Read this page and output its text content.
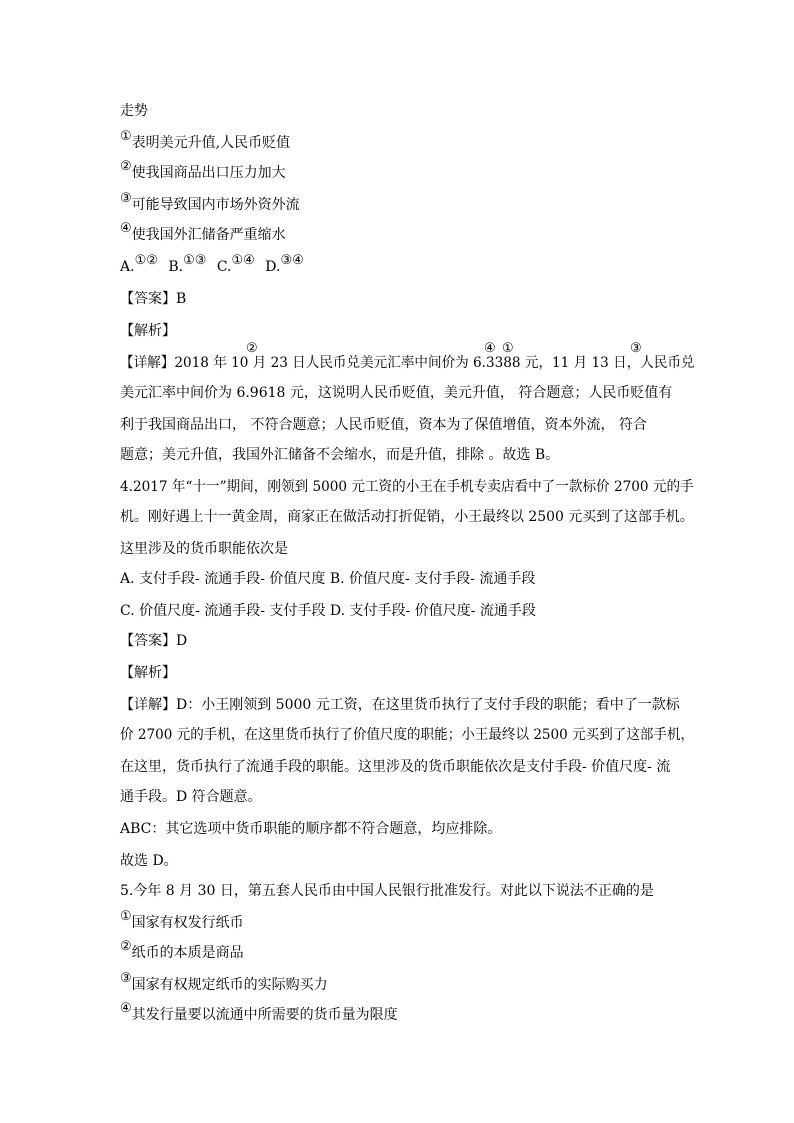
走势
①表明美元升值,人民币贬值
②使我国商品出口压力加大
③可能导致国内市场外资外流
④使我国外汇储备严重缩水
A.①② B.①③ C.①④ D.③④
【答案】B
【解析】
【详解】2018 年 10 月 23 日人民币兑美元汇率中间价为 6.3388 元，11 月 13 日，人民币兑
美元汇率中间价为 6.9618 元，这说明人民币贬值，美元升值， 符合题意；人民币贬值有
利于我国商品出口， 不符合题意；人民币贬值，资本为了保值增值，资本外流， 符合
题意；美元升值，我国外汇储备不会缩水，而是升值，排除 。故选 B。
②	④ ①	③
4.2017 年“十一”期间，刚领到 5000 元工资的小王在手机专卖店看中了一款标价 2700 元的手
机。刚好遇上十一黄金周，商家正在做活动打折促销，小王最终以 2500 元买到了这部手机。
这里涉及的货币职能依次是
A. 支付手段- 流通手段- 价值尺度 B. 价值尺度- 支付手段- 流通手段
C. 价值尺度- 流通手段- 支付手段 D. 支付手段- 价值尺度- 流通手段
【答案】D
【解析】
【详解】D：小王刚领到 5000 元工资，在这里货币执行了支付手段的职能；看中了一款标
价 2700 元的手机，在这里货币执行了价值尺度的职能；小王最终以 2500 元买到了这部手机，
在这里，货币执行了流通手段的职能。这里涉及的货币职能依次是支付手段- 价值尺度- 流
通手段。D 符合题意。
ABC：其它选项中货币职能的顺序都不符合题意，均应排除。
故选 D。
5.今年 8 月 30 日，第五套人民币由中国人民银行批准发行。对此以下说法不正确的是
①国家有权发行纸币
②纸币的本质是商品
③国家有权规定纸币的实际购买力
④其发行量要以流通中所需要的货币量为限度
